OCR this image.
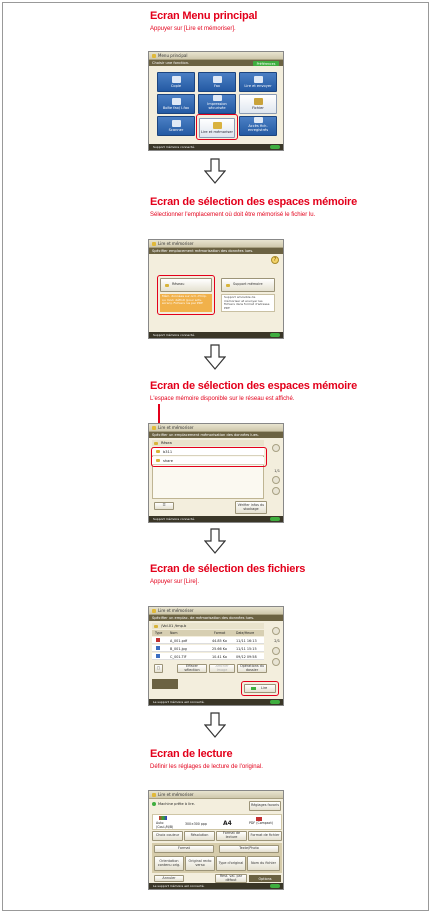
Ecran Menu principal
Appuyer sur [Lire et mémoriser].
Menu principal
Choisir une fonction.	Préférences
Copie	Fax	Lire et envoyer
Boîte fax/ I-fax
Impression sécurisée	Fichier
Scanner	Lire et mémoriser
Accès fich. enregistrés
Support mémoire connecté.
Ecran de sélection des espaces mémoire
Sélectionner l'emplacement où doit être mémorisé le fichier lu.
Lire et mémoriser
Spécifier emplacement mémorisation des données lues.
?
Réseau
Mém. données sur ord. d'hôp. ou mod. définit (pour actv. écran). Fichiers lus par PDF.
Support mémoire
Support amovible de mémoriser et envoyer les fichiers dans format d'adresse PDF.
Support mémoire connecté.
Ecran de sélection des espaces mémoire
L'espace mémoire disponible sur le réseau est affiché.
Lire et mémoriser
Spécifier un emplacement mémorisation des données lues.
Résea
b311
share
1/1
☰	Vérifier infos du stockage
Support mémoire connecté.
Ecran de sélection des fichiers
Appuyer sur [Lire].
Lire et mémoriser
Spécifier un emplac. de mémorisation des données lues.
/Vol.01 /tmp.b
Type Nom	Format	Date/Heure
A_001.pdf	44.85 Ko	11/11 16:13
B_001.jpg	25.66 Ko	11/11 15:15
C_001.TIF	10.41 Ko	09/12 09:58
2/1
□	Effacer sélection
Afficher image
Opérations du dossier
Lire
Le support mémoire est connecté.
Ecran de lecture
Définir les réglages de lecture de l'original.
Lire et mémoriser
Machine prête à lire.	Réglages favoris
Auto (Coul./N/B)
300×300 ppp	A4	PDF (Compact)
Choix couleur	Résolution	Format de lecture	Format de fichier
Format	Texte/Photo
Orientation contenu orig.
Original recto verso	Type d'original	Nom du fichier
Annuler	Rest. val. par défaut	Options
Le support mémoire est connecté.
